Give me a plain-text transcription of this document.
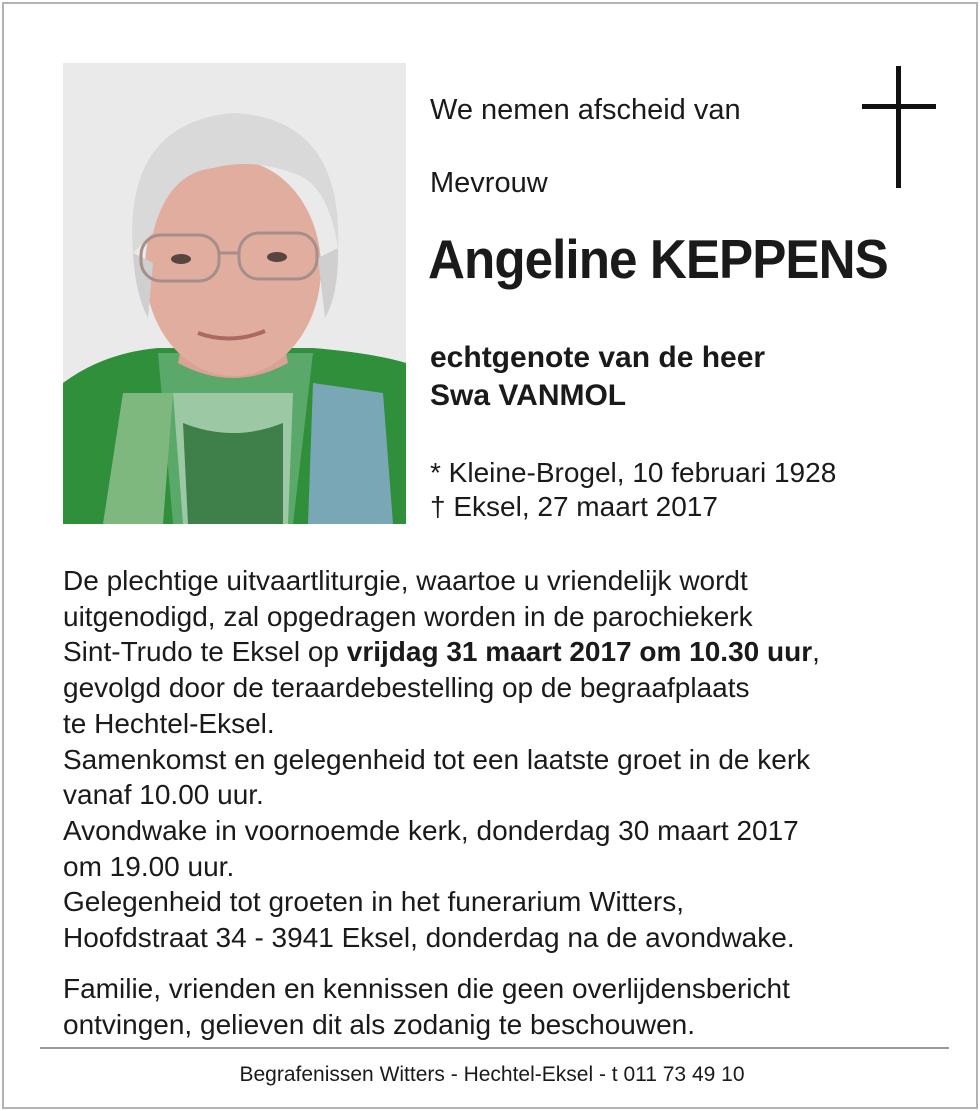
We nemen afscheid van
Mevrouw
Angeline KEPPENS
echtgenote van de heer
Swa VANMOL
* Kleine-Brogel, 10 februari 1928
† Eksel, 27 maart 2017
De plechtige uitvaartliturgie, waartoe u vriendelijk wordt
uitgenodigd, zal opgedragen worden in de parochiekerk
Sint-Trudo te Eksel op vrijdag 31 maart 2017 om 10.30 uur,
gevolgd door de teraardebestelling op de begraafplaats
te Hechtel-Eksel.
Samenkomst en gelegenheid tot een laatste groet in de kerk
vanaf 10.00 uur.
Avondwake in voornoemde kerk, donderdag 30 maart 2017
om 19.00 uur.
Gelegenheid tot groeten in het funerarium Witters,
Hoofdstraat 34 - 3941 Eksel, donderdag na de avondwake.
Familie, vrienden en kennissen die geen overlijdensbericht
ontvingen, gelieven dit als zodanig te beschouwen.
Begrafenissen Witters - Hechtel-Eksel - t 011 73 49 10
